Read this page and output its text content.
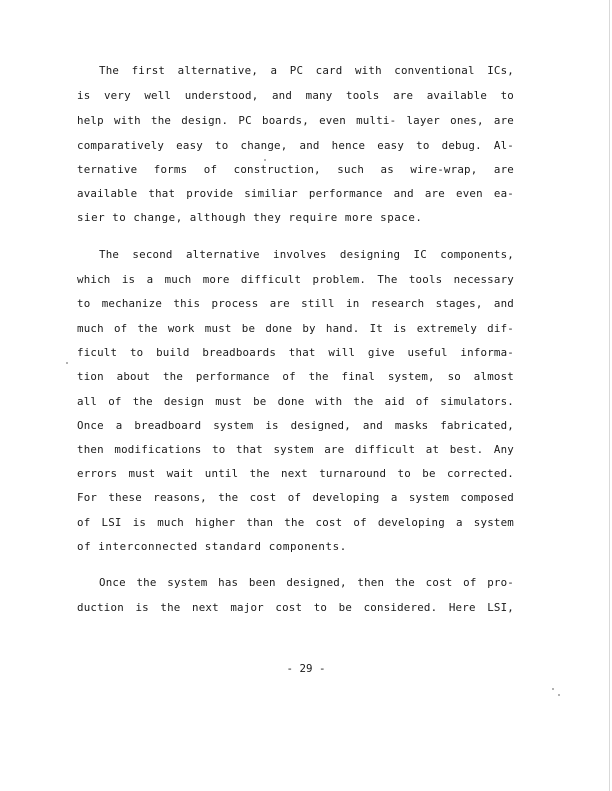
The first alternative, a PC card with conventional ICs,
is very well understood, and many tools are available to
help with the design. PC boards, even multi- layer ones, are
comparatively easy to change, and hence easy to debug. Al-
ternative forms of construction, such as wire-wrap, are
available that provide similiar performance and are even ea-
sier to change, although they require more space.
The second alternative involves designing IC components,
which is a much more difficult problem. The tools necessary
to mechanize this process are still in research stages, and
much of the work must be done by hand. It is extremely dif-
ficult to build breadboards that will give useful informa-
tion about the performance of the final system, so almost
all of the design must be done with the aid of simulators.
Once a breadboard system is designed, and masks fabricated,
then modifications to that system are difficult at best. Any
errors must wait until the next turnaround to be corrected.
For these reasons, the cost of developing a system composed
of LSI is much higher than the cost of developing a system
of interconnected standard components.
Once the system has been designed, then the cost of pro-
duction is the next major cost to be considered. Here LSI,
- 29 -
